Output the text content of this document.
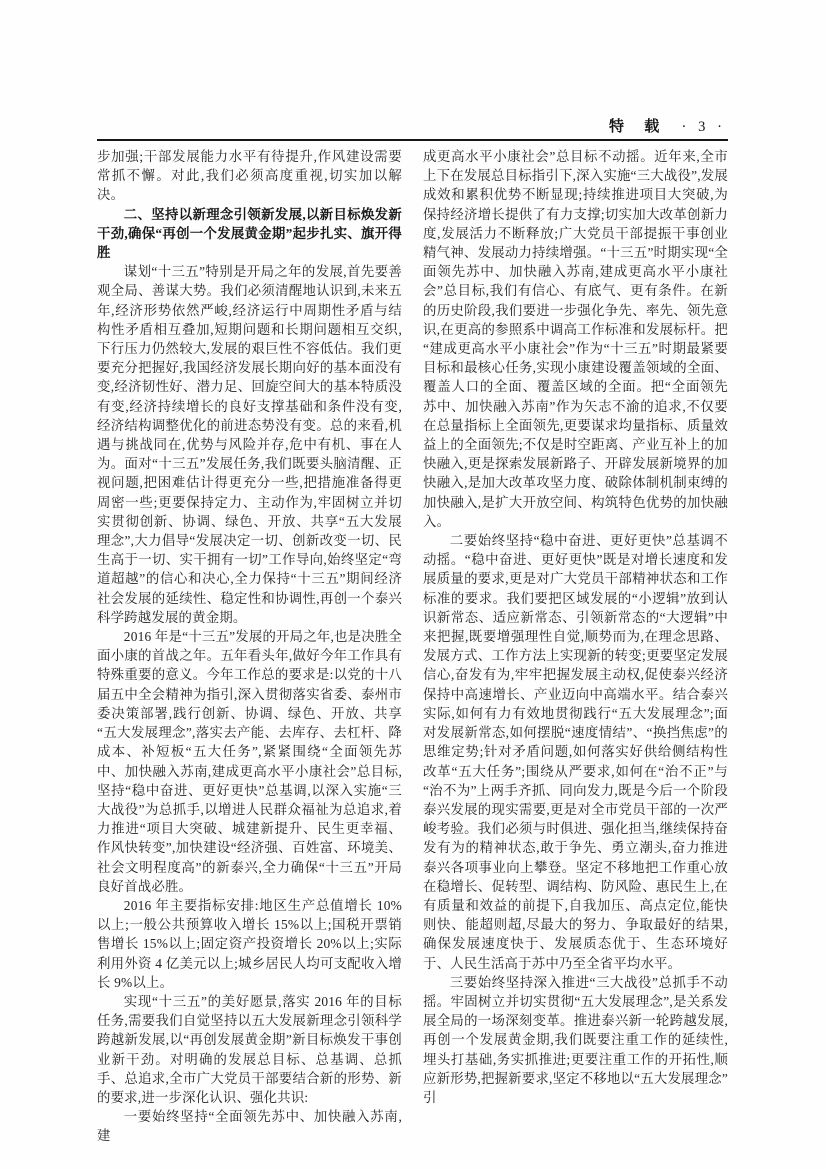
特 载 · 3 ·

步加强;干部发展能力水平有待提升,作风建设需要常抓不懈。对此,我们必须高度重视,切实加以解决。

二、坚持以新理念引领新发展,以新目标焕发新干劲,确保“再创一个发展黄金期”起步扎实、旗开得胜

谋划“十三五”特别是开局之年的发展,首先要善观全局、善谋大势。我们必须清醒地认识到,未来五年,经济形势依然严峻,经济运行中周期性矛盾与结构性矛盾相互叠加,短期问题和长期问题相互交织,下行压力仍然较大,发展的艰巨性不容低估。我们更要充分把握好,我国经济发展长期向好的基本面没有变,经济韧性好、潜力足、回旋空间大的基本特质没有变,经济持续增长的良好支撑基础和条件没有变,经济结构调整优化的前进态势没有变。总的来看,机遇与挑战同在,优势与风险并存,危中有机、事在人为。面对“十三五”发展任务,我们既要头脑清醒、正视问题,把困难估计得更充分一些,把措施准备得更周密一些;更要保持定力、主动作为,牢固树立并切实贯彻创新、协调、绿色、开放、共享“五大发展理念”,大力倡导“发展决定一切、创新改变一切、民生高于一切、实干拥有一切”工作导向,始终坚定“弯道超越”的信心和决心,全力保持“十三五”期间经济社会发展的延续性、稳定性和协调性,再创一个泰兴科学跨越发展的黄金期。

2016 年是“十三五”发展的开局之年,也是决胜全面小康的首战之年。五年看头年,做好今年工作具有特殊重要的意义。今年工作总的要求是:以党的十八届五中全会精神为指引,深入贯彻落实省委、泰州市委决策部署,践行创新、协调、绿色、开放、共享“五大发展理念”,落实去产能、去库存、去杠杆、降成本、补短板“五大任务”,紧紧围绕“全面领先苏中、加快融入苏南,建成更高水平小康社会”总目标,坚持“稳中奋进、更好更快”总基调,以深入实施“三大战役”为总抓手,以增进人民群众福祉为总追求,着力推进“项目大突破、城建新提升、民生更幸福、作风快转变”,加快建设“经济强、百姓富、环境美、社会文明程度高”的新泰兴,全力确保“十三五”开局良好首战必胜。

2016 年主要指标安排:地区生产总值增长 10%以上;一般公共预算收入增长 15%以上;国税开票销售增长 15%以上;固定资产投资增长 20%以上;实际利用外资 4 亿美元以上;城乡居民人均可支配收入增长 9%以上。

实现“十三五”的美好愿景,落实 2016 年的目标任务,需要我们自觉坚持以五大发展新理念引领科学跨越新发展,以“再创发展黄金期”新目标焕发干事创业新干劲。对明确的发展总目标、总基调、总抓手、总追求,全市广大党员干部要结合新的形势、新的要求,进一步深化认识、强化共识:

一要始终坚持“全面领先苏中、加快融入苏南,建

成更高水平小康社会”总目标不动摇。近年来,全市上下在发展总目标指引下,深入实施“三大战役”,发展成效和累积优势不断显现;持续推进项目大突破,为保持经济增长提供了有力支撑;切实加大改革创新力度,发展活力不断释放;广大党员干部提振干事创业精气神、发展动力持续增强。“十三五”时期实现“全面领先苏中、加快融入苏南,建成更高水平小康社会”总目标,我们有信心、有底气、更有条件。在新的历史阶段,我们要进一步强化争先、率先、领先意识,在更高的参照系中调高工作标准和发展标杆。把“建成更高水平小康社会”作为“十三五”时期最紧要目标和最核心任务,实现小康建设覆盖领域的全面、覆盖人口的全面、覆盖区域的全面。把“全面领先苏中、加快融入苏南”作为矢志不渝的追求,不仅要在总量指标上全面领先,更要谋求均量指标、质量效益上的全面领先;不仅是时空距离、产业互补上的加快融入,更是探索发展新路子、开辟发展新境界的加快融入,是加大改革攻坚力度、破除体制机制束缚的加快融入,是扩大开放空间、构筑特色优势的加快融入。

二要始终坚持“稳中奋进、更好更快”总基调不动摇。“稳中奋进、更好更快”既是对增长速度和发展质量的要求,更是对广大党员干部精神状态和工作标准的要求。我们要把区域发展的“小逻辑”放到认识新常态、适应新常态、引领新常态的“大逻辑”中来把握,既要增强理性自觉,顺势而为,在理念思路、发展方式、工作方法上实现新的转变;更要坚定发展信心,奋发有为,牢牢把握发展主动权,促使泰兴经济保持中高速增长、产业迈向中高端水平。结合泰兴实际,如何有力有效地贯彻践行“五大发展理念”;面对发展新常态,如何摆脱“速度情结”、“换挡焦虑”的思维定势;针对矛盾问题,如何落实好供给侧结构性改革“五大任务”;围绕从严要求,如何在“治不正”与“治不为”上两手齐抓、同向发力,既是今后一个阶段泰兴发展的现实需要,更是对全市党员干部的一次严峻考验。我们必须与时俱进、强化担当,继续保持奋发有为的精神状态,敢于争先、勇立潮头,奋力推进泰兴各项事业向上攀登。坚定不移地把工作重心放在稳增长、促转型、调结构、防风险、惠民生上,在有质量和效益的前提下,自我加压、高点定位,能快则快、能超则超,尽最大的努力、争取最好的结果,确保发展速度快于、发展质态优于、生态环境好于、人民生活高于苏中乃至全省平均水平。

三要始终坚持深入推进“三大战役”总抓手不动摇。牢固树立并切实贯彻“五大发展理念”,是关系发展全局的一场深刻变革。推进泰兴新一轮跨越发展,再创一个发展黄金期,我们既要注重工作的延续性,埋头打基础,务实抓推进;更要注重工作的开拓性,顺应新形势,把握新要求,坚定不移地以“五大发展理念”引
